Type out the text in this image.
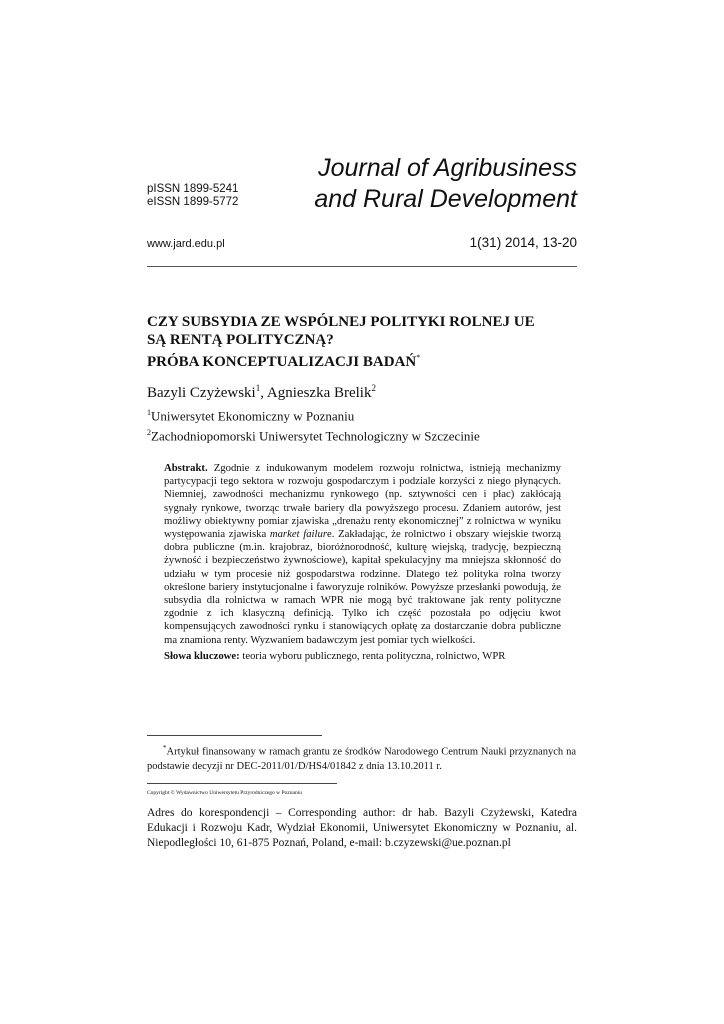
pISSN 1899-5241
eISSN 1899-5772
Journal of Agribusiness
and Rural Development
www.jard.edu.pl	1(31) 2014, 13-20
CZY SUBSYDIA ZE WSPÓLNEJ POLITYKI ROLNEJ UE
SĄ RENTĄ POLITYCZNĄ?
PRÓBA KONCEPTUALIZACJI BADAŃ*
Bazyli Czyżewski$^1$, Agnieszka Brelik$^2$
$^1$Uniwersytet Ekonomiczny w Poznaniu
$^2$Zachodniopomorski Uniwersytet Technologiczny w Szczecinie
Abstrakt. Zgodnie z indukowanym modelem rozwoju rolnictwa, istnieją mechanizmy partycypacji tego sektora w rozwoju gospodarczym i podziale korzyści z niego płynących. Niemniej, zawodności mechanizmu rynkowego (np. sztywności cen i płac) zakłócają sygnały rynkowe, tworząc trwałe bariery dla powyższego procesu. Zdaniem autorów, jest możliwy obiektywny pomiar zjawiska „drenażu renty ekonomicznej” z rolnictwa w wyniku występowania zjawiska market failure. Zakładając, że rolnictwo i obszary wiejskie tworzą dobra publiczne (m.in. krajobraz, bioróżnorodność, kulturę wiejską, tradycję, bezpieczną żywność i bezpieczeństwo żywnościowe), kapitał spekulacyjny ma mniejsza skłonność do udziału w tym procesie niż gospodarstwa rodzinne. Dlatego też polityka rolna tworzy określone bariery instytucjonalne i faworyzuje rolników. Powyższe przesłanki powodują, że subsydia dla rolnictwa w ramach WPR nie mogą być traktowane jak renty polityczne zgodnie z ich klasyczną definicją. Tylko ich część pozostała po odjęciu kwot kompensujących zawodności rynku i stanowiących opłatę za dostarczanie dobra publiczne ma znamiona renty. Wyzwaniem badawczym jest pomiar tych wielkości.
Słowa kluczowe: teoria wyboru publicznego, renta polityczna, rolnictwo, WPR
*Artykuł finansowany w ramach grantu ze środków Narodowego Centrum Nauki przyznanych na podstawie decyzji nr DEC-2011/01/D/HS4/01842 z dnia 13.10.2011 r.
Copyright © Wydawnictwo Uniwersytetu Przyrodniczego w Poznaniu
Adres do korespondencji – Corresponding author: dr hab. Bazyli Czyżewski, Katedra Edukacji i Rozwoju Kadr, Wydział Ekonomii, Uniwersytet Ekonomiczny w Poznaniu, al. Niepodległości 10, 61-875 Poznań, Poland, e-mail: b.czyzewski@ue.poznan.pl
